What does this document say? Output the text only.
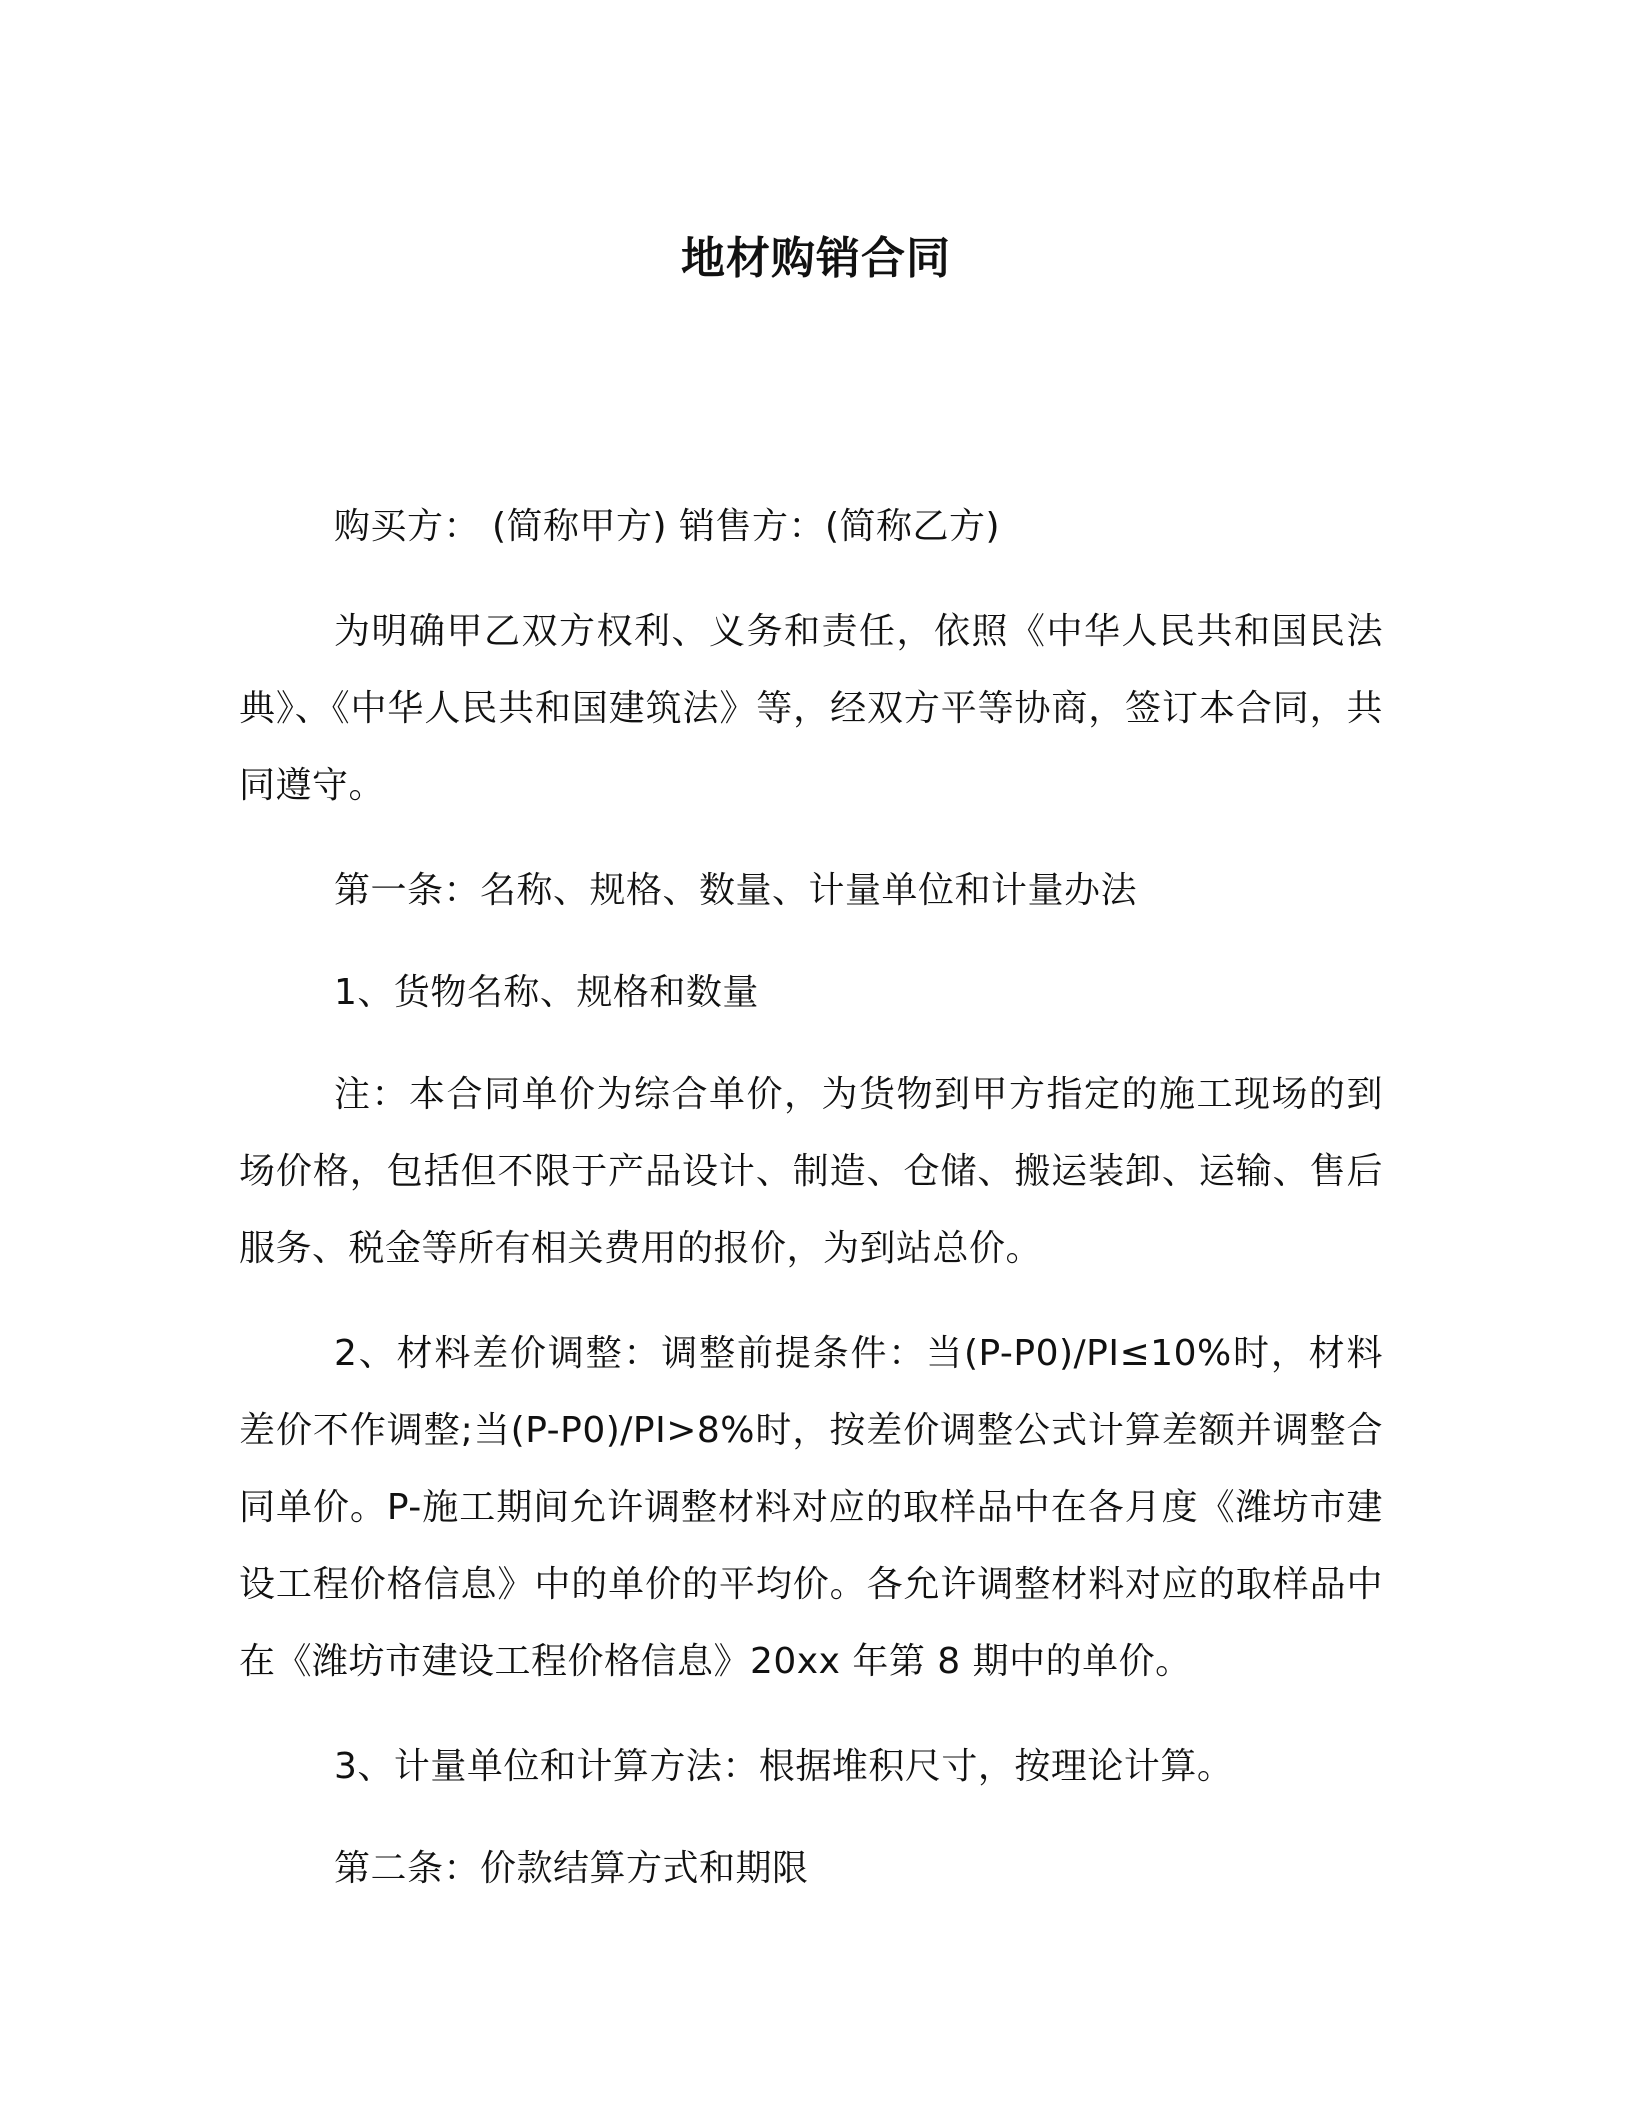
地材购销合同

购买方： (简称甲方) 销售方：(简称乙方)

为明确甲乙双方权利、义务和责任，依照《中华人民共和国民法典》、《中华人民共和国建筑法》等，经双方平等协商，签订本合同，共同遵守。

第一条：名称、规格、数量、计量单位和计量办法

1、货物名称、规格和数量

注：本合同单价为综合单价，为货物到甲方指定的施工现场的到场价格，包括但不限于产品设计、制造、仓储、搬运装卸、运输、售后服务、税金等所有相关费用的报价，为到站总价。

2、材料差价调整：调整前提条件：当(P-P0)/PI≤10%时，材料差价不作调整;当(P-P0)/PI>8%时，按差价调整公式计算差额并调整合同单价。P-施工期间允许调整材料对应的取样品中在各月度《潍坊市建设工程价格信息》中的单价的平均价。各允许调整材料对应的取样品中在《潍坊市建设工程价格信息》20xx 年第 8 期中的单价。

3、计量单位和计算方法：根据堆积尺寸，按理论计算。

第二条：价款结算方式和期限
